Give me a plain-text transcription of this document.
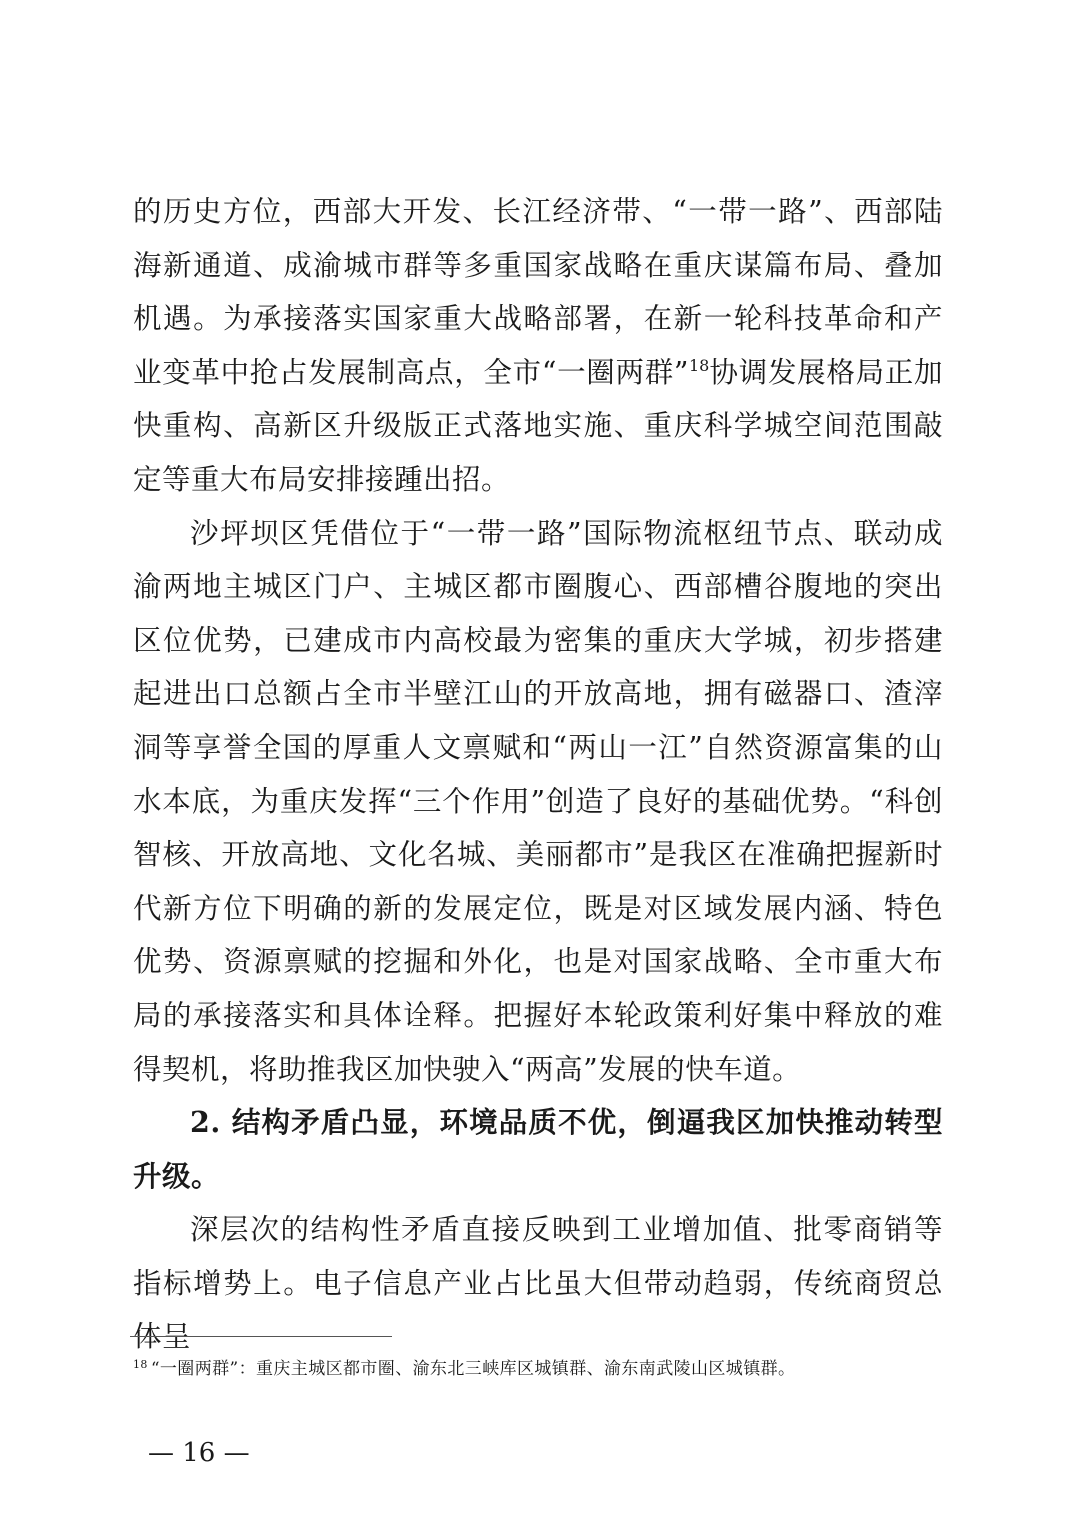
的历史方位，西部大开发、长江经济带、“一带一路”、西部陆海新通道、成渝城市群等多重国家战略在重庆谋篇布局、叠加机遇。为承接落实国家重大战略部署，在新一轮科技革命和产业变革中抢占发展制高点，全市“一圈两群”$^{18}$协调发展格局正加快重构、高新区升级版正式落地实施、重庆科学城空间范围敲定等重大布局安排接踵出招。

沙坪坝区凭借位于“一带一路”国际物流枢纽节点、联动成渝两地主城区门户、主城区都市圈腹心、西部槽谷腹地的突出区位优势，已建成市内高校最为密集的重庆大学城，初步搭建起进出口总额占全市半壁江山的开放高地，拥有磁器口、渣滓洞等享誉全国的厚重人文禀赋和“两山一江”自然资源富集的山水本底，为重庆发挥“三个作用”创造了良好的基础优势。“科创智核、开放高地、文化名城、美丽都市”是我区在准确把握新时代新方位下明确的新的发展定位，既是对区域发展内涵、特色优势、资源禀赋的挖掘和外化，也是对国家战略、全市重大布局的承接落实和具体诠释。把握好本轮政策利好集中释放的难得契机，将助推我区加快驶入“两高”发展的快车道。

2. 结构矛盾凸显，环境品质不优，倒逼我区加快推动转型升级。

深层次的结构性矛盾直接反映到工业增加值、批零商销等指标增势上。电子信息产业占比虽大但带动趋弱，传统商贸总体呈

$^{18}$ “一圈两群”：重庆主城区都市圈、渝东北三峡库区城镇群、渝东南武陵山区城镇群。
— 16 —
